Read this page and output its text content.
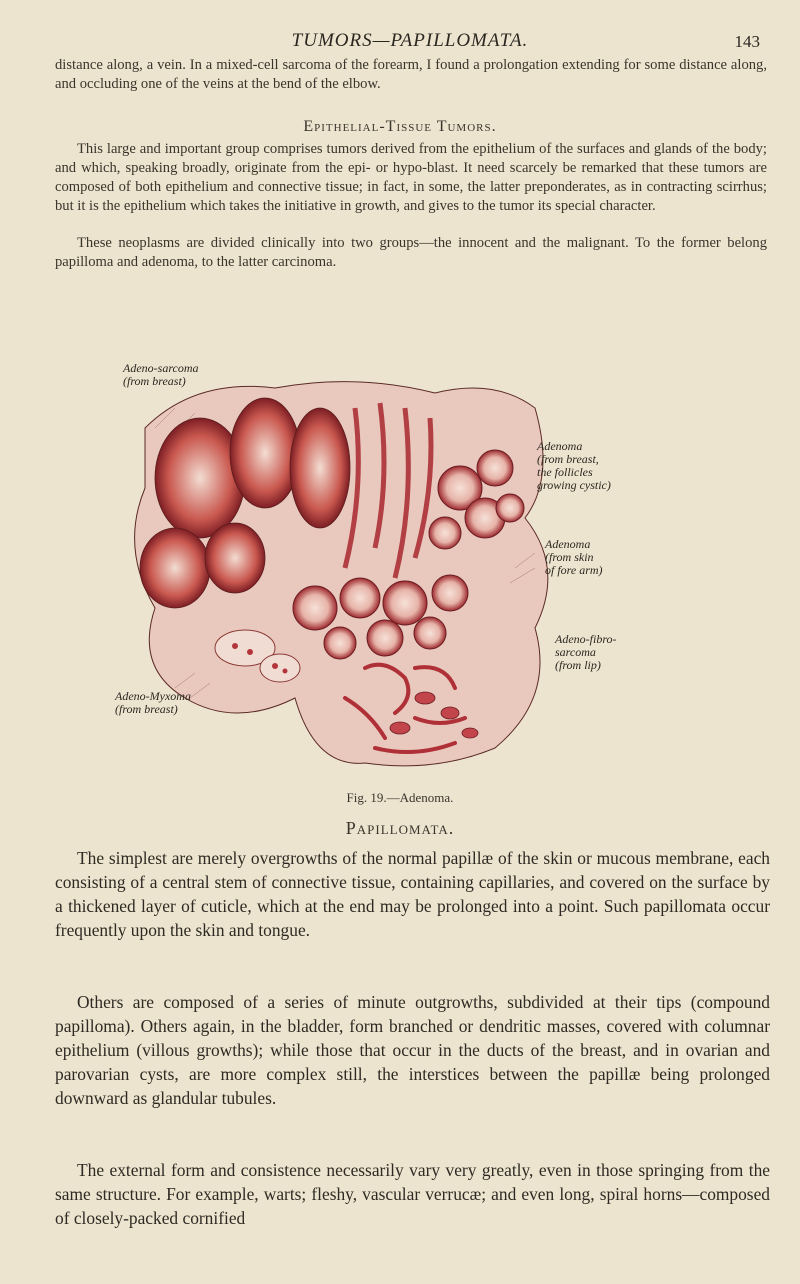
TUMORS—PAPILLOMATA.	143

distance along, a vein. In a mixed-cell sarcoma of the forearm, I found a prolongation extending for some distance along, and occluding one of the veins at the bend of the elbow.

Epithelial-Tissue Tumors.

This large and important group comprises tumors derived from the epithelium of the surfaces and glands of the body; and which, speaking broadly, originate from the epi- or hypo-blast. It need scarcely be remarked that these tumors are composed of both epithelium and connective tissue; in fact, in some, the latter preponderates, as in contracting scirrhus; but it is the epithelium which takes the initiative in growth, and gives to the tumor its special character.

These neoplasms are divided clinically into two groups—the innocent and the malignant. To the former belong papilloma and adenoma, to the latter carcinoma.

Adeno-sarcoma
(from breast)
Adenoma
(from breast,
the follicles
growing cystic)
Adenoma
(from skin
of fore arm)
Adeno-fibro-
sarcoma
(from lip)
Adeno-Myxoma
(from breast)
Fig. 19.—Adenoma.
Papillomata.

The simplest are merely overgrowths of the normal papillæ of the skin or mucous membrane, each consisting of a central stem of connective tissue, containing capillaries, and covered on the surface by a thickened layer of cuticle, which at the end may be prolonged into a point. Such papillomata occur frequently upon the skin and tongue.

Others are composed of a series of minute outgrowths, subdivided at their tips (compound papilloma). Others again, in the bladder, form branched or dendritic masses, covered with columnar epithelium (villous growths); while those that occur in the ducts of the breast, and in ovarian and parovarian cysts, are more complex still, the interstices between the papillæ being prolonged downward as glandular tubules.

The external form and consistence necessarily vary very greatly, even in those springing from the same structure. For example, warts; fleshy, vascular verrucæ; and even long, spiral horns—composed of closely-packed cornified
